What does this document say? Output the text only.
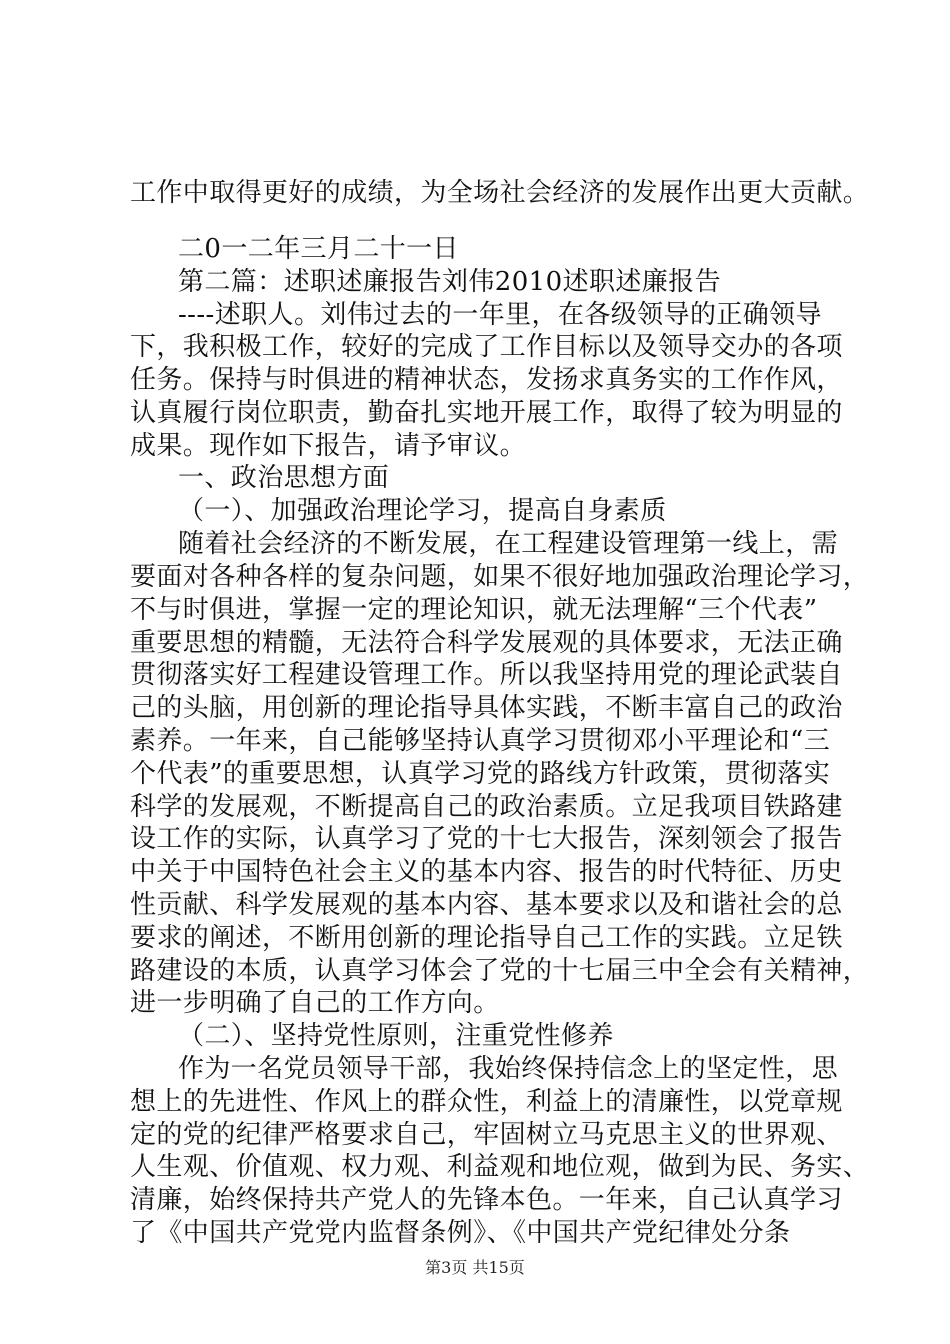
工作中取得更好的成绩，为全场社会经济的发展作出更大贡献。
二0一二年三月二十一日
第二篇：述职述廉报告刘伟2010述职述廉报告
----述职人。刘伟过去的一年里，在各级领导的正确领导
下，我积极工作，较好的完成了工作目标以及领导交办的各项
任务。保持与时俱进的精神状态，发扬求真务实的工作作风，
认真履行岗位职责，勤奋扎实地开展工作，取得了较为明显的
成果。现作如下报告，请予审议。
一、政治思想方面
（一）、加强政治理论学习，提高自身素质
随着社会经济的不断发展，在工程建设管理第一线上，需
要面对各种各样的复杂问题，如果不很好地加强政治理论学习，
不与时俱进，掌握一定的理论知识，就无法理解“三个代表”
重要思想的精髓，无法符合科学发展观的具体要求，无法正确
贯彻落实好工程建设管理工作。所以我坚持用党的理论武装自
己的头脑，用创新的理论指导具体实践，不断丰富自己的政治
素养。一年来，自己能够坚持认真学习贯彻邓小平理论和“三
个代表”的重要思想，认真学习党的路线方针政策，贯彻落实
科学的发展观，不断提高自己的政治素质。立足我项目铁路建
设工作的实际，认真学习了党的十七大报告，深刻领会了报告
中关于中国特色社会主义的基本内容、报告的时代特征、历史
性贡献、科学发展观的基本内容、基本要求以及和谐社会的总
要求的阐述，不断用创新的理论指导自己工作的实践。立足铁
路建设的本质，认真学习体会了党的十七届三中全会有关精神，
进一步明确了自己的工作方向。
（二）、坚持党性原则，注重党性修养
作为一名党员领导干部，我始终保持信念上的坚定性，思
想上的先进性、作风上的群众性，利益上的清廉性，以党章规
定的党的纪律严格要求自己，牢固树立马克思主义的世界观、
人生观、价值观、权力观、利益观和地位观，做到为民、务实、
清廉，始终保持共产党人的先锋本色。一年来，自己认真学习
了《中国共产党党内监督条例》、《中国共产党纪律处分条
第3页 共15页
